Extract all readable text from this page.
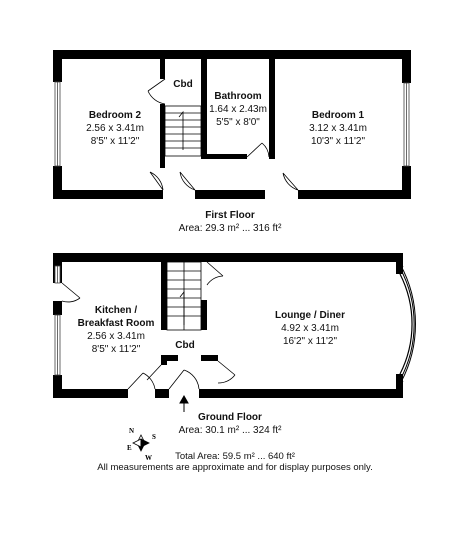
N
E
S
W
Bedroom 2
2.56 x 3.41m
8'5" x 11'2"
Cbd
Bathroom
1.64 x 2.43m
5'5" x 8'0"
Bedroom 1
3.12 x 3.41m
10'3" x 11'2"
First Floor
Area: 29.3 m² ... 316 ft²
Kitchen /
Breakfast Room
2.56 x 3.41m
8'5" x 11'2"
Lounge / Diner
4.92 x 3.41m
16'2" x 11'2"
Cbd
Ground Floor
Area: 30.1 m² ... 324 ft²
Total Area: 59.5 m² ... 640 ft²
All measurements are approximate and for display purposes only.
